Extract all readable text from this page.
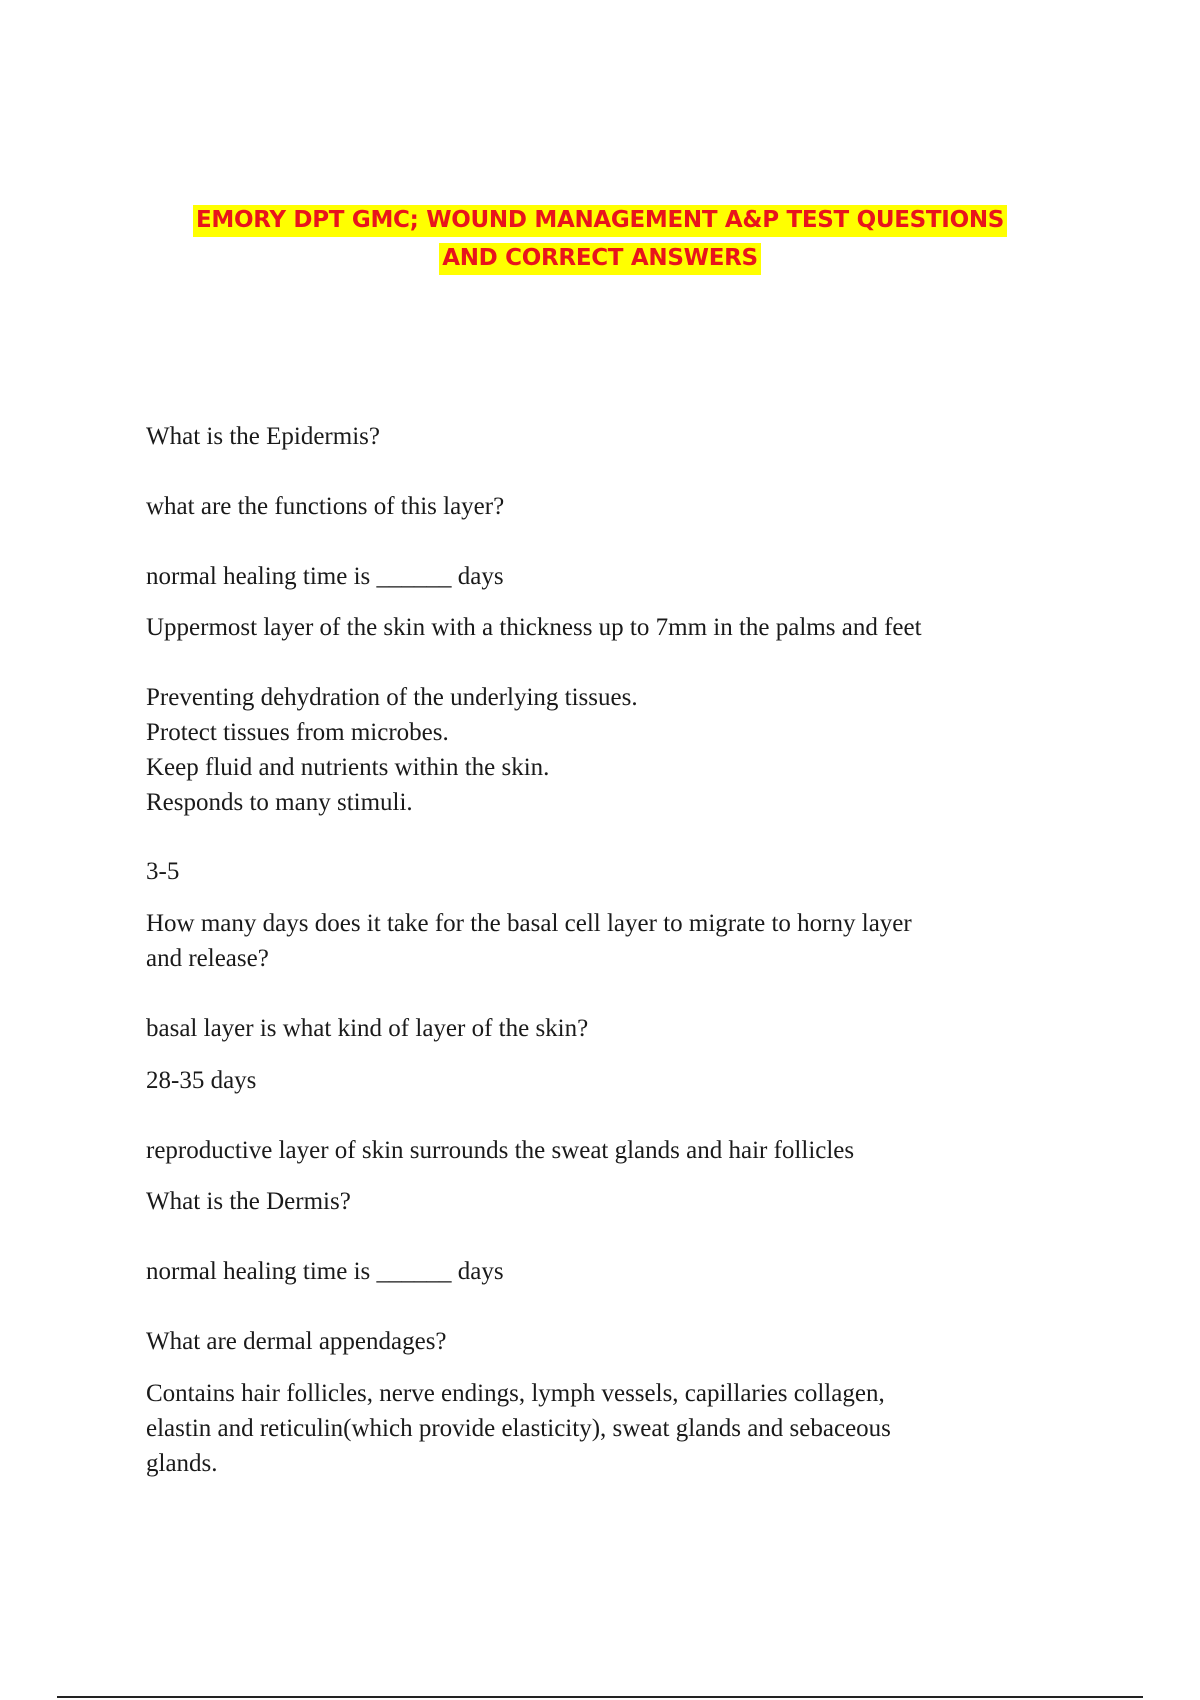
EMORY DPT GMC; WOUND MANAGEMENT A&P TEST QUESTIONS
AND CORRECT ANSWERS

What is the Epidermis?

what are the functions of this layer?

normal healing time is ______ days

Uppermost layer of the skin with a thickness up to 7mm in the palms and feet

Preventing dehydration of the underlying tissues.
Protect tissues from microbes.
Keep fluid and nutrients within the skin.
Responds to many stimuli.

3-5

How many days does it take for the basal cell layer to migrate to horny layer
and release?

basal layer is what kind of layer of the skin?

28-35 days

reproductive layer of skin surrounds the sweat glands and hair follicles

What is the Dermis?

normal healing time is ______ days

What are dermal appendages?

Contains hair follicles, nerve endings, lymph vessels, capillaries collagen,
elastin and reticulin(which provide elasticity), sweat glands and sebaceous
glands.
